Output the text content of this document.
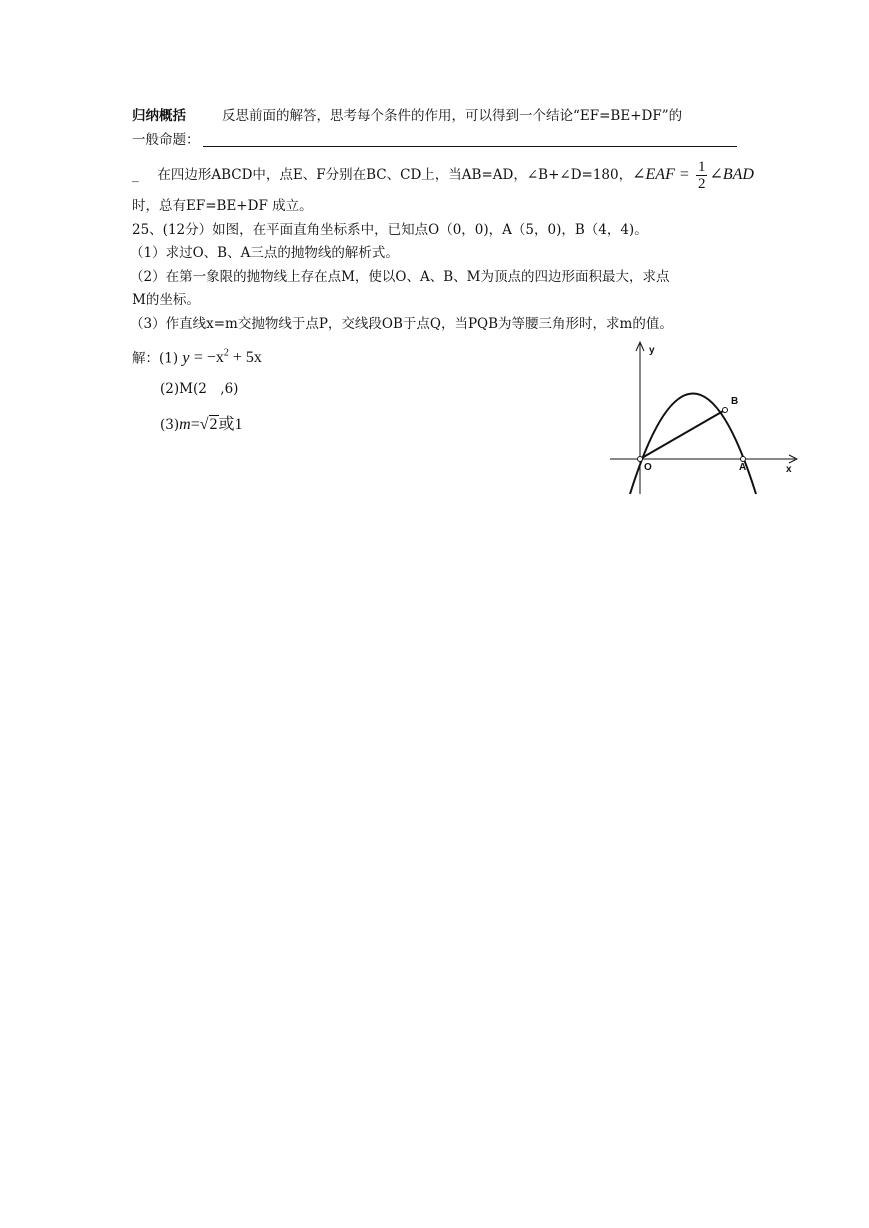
归纳概括	反思前面的解答，思考每个条件的作用，可以得到一个结论“EF=BE+DF”的
一般命题：
_ 在四边形ABCD中，点E、F分别在BC、CD上，当AB=AD，∠B+∠D=180，∠EAF = $\frac{1}{2}$ ∠BAD
时，总有EF=BE+DF 成立。
25、(12分）如图，在平面直角坐标系中，已知点O（0，0)，A（5，0)，B（4，4)。
（1）求过O、B、A三点的抛物线的解析式。
（2）在第一象限的抛物线上存在点M，使以O、A、B、M为顶点的四边形面积最大，求点
M的坐标。
（3）作直线x=m交抛物线于点P，交线段OB于点Q，当PQB为等腰三角形时，求m的值。
解：(1) $y = -x^2 + 5x$
(2)M(2　,6)
(3)m=√2或1
y
x
O	A
B
